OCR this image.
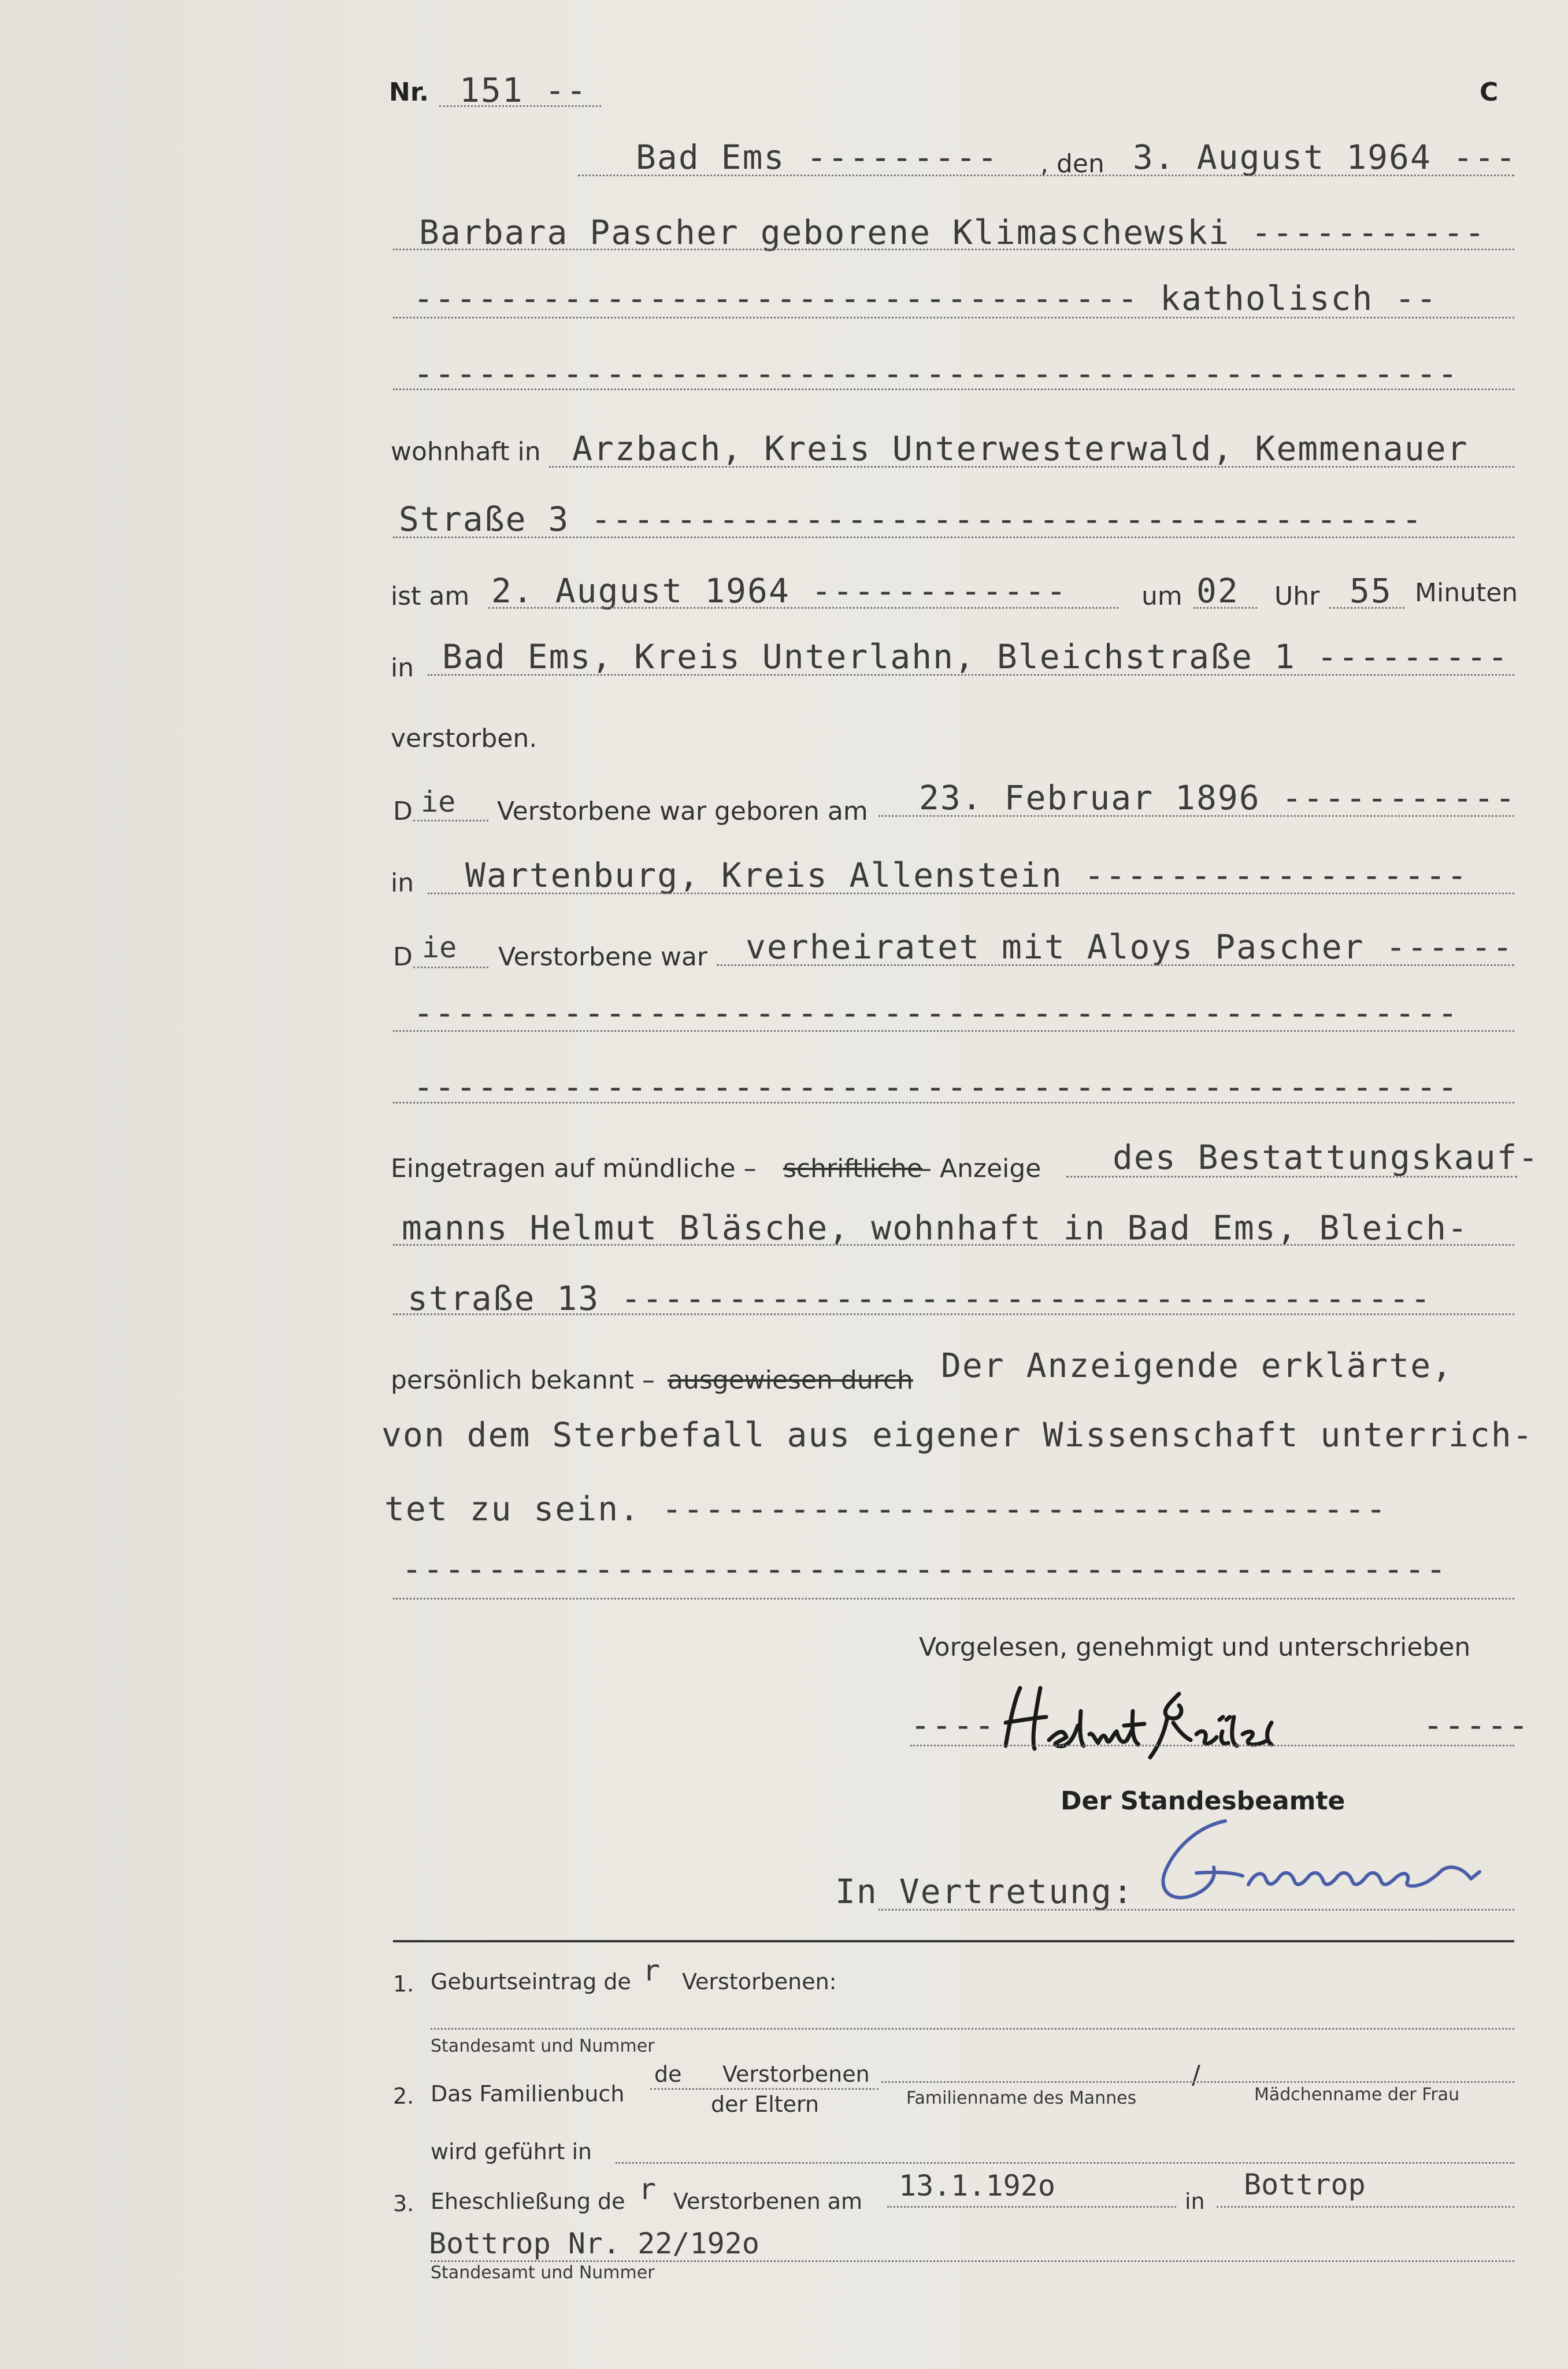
Nr. 151 --	C
Bad Ems --------- , den 3. August 1964 ---
Barbara Pascher geborene Klimaschewski -----------
---------------------------------- katholisch --
-------------------------------------------------
wohnhaft in Arzbach, Kreis Unterwesterwald, Kemmenauer
Straße 3 ---------------------------------------
ist am 2. August 1964 ------------	um 02 Uhr 55 Minuten
in Bad Ems, Kreis Unterlahn, Bleichstraße 1 ---------
verstorben.
D ie Verstorbene war geboren am 23. Februar 1896 -----------
in Wartenburg, Kreis Allenstein ------------------
D ie Verstorbene war verheiratet mit Aloys Pascher ------
-------------------------------------------------
-------------------------------------------------
Eingetragen auf mündliche – schriftliche
– Anzeige des Bestattungskauf-
manns Helmut Bläsche, wohnhaft in Bad Ems, Bleich-
straße 13 --------------------------------------
persönlich bekannt – ausgewiesen durch Der Anzeigende erklärte,
von dem Sterbefall aus eigener Wissenschaft unterrich-
tet zu sein. ----------------------------------
-------------------------------------------------
Vorgelesen, genehmigt und unterschrieben
----	-----
Der Standesbeamte
In Vertretung:
1. Geburtseintrag de r Verstorbenen:
Standesamt und Nummer
2. Das Familienbuch
de Verstorbenen
der Eltern
/
Familienname des Mannes	Mädchenname der Frau
wird geführt in
3. Eheschließung de r Verstorbenen am 13.1.192o	in Bottrop
Bottrop Nr. 22/192o
Standesamt und Nummer
